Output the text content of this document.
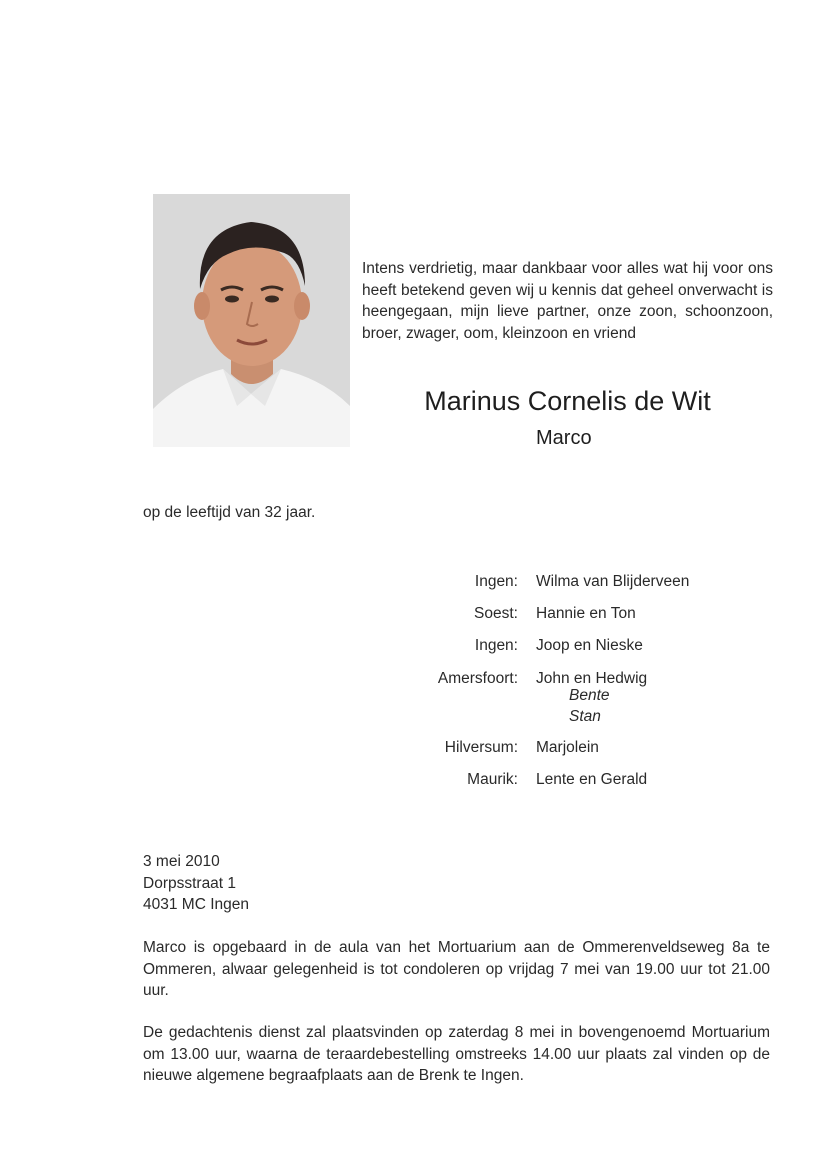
Intens verdrietig, maar dankbaar voor alles wat hij voor ons heeft betekend geven wij u kennis dat geheel onverwacht is heengegaan, mijn lieve partner, onze zoon, schoonzoon, broer, zwager, oom, kleinzoon en vriend

Marinus Cornelis de Wit
Marco

op de leeftijd van 32 jaar.

Ingen: Wilma van Blijderveen
Soest: Hannie en Ton
Ingen: Joop en Nieske
Amersfoort: John en Hedwig
Bente
Stan
Hilversum: Marjolein
Maurik: Lente en Gerald
3 mei 2010
Dorpsstraat 1
4031 MC Ingen

Marco is opgebaard in de aula van het Mortuarium aan de Ommerenveldseweg 8a te Ommeren, alwaar gelegenheid is tot condoleren op vrijdag 7 mei van 19.00 uur tot 21.00 uur.

De gedachtenis dienst zal plaatsvinden op zaterdag 8 mei in bovengenoemd Mortuarium om 13.00 uur, waarna de teraardebestelling omstreeks 14.00 uur plaats zal vinden op de nieuwe algemene begraafplaats aan de Brenk te Ingen.
